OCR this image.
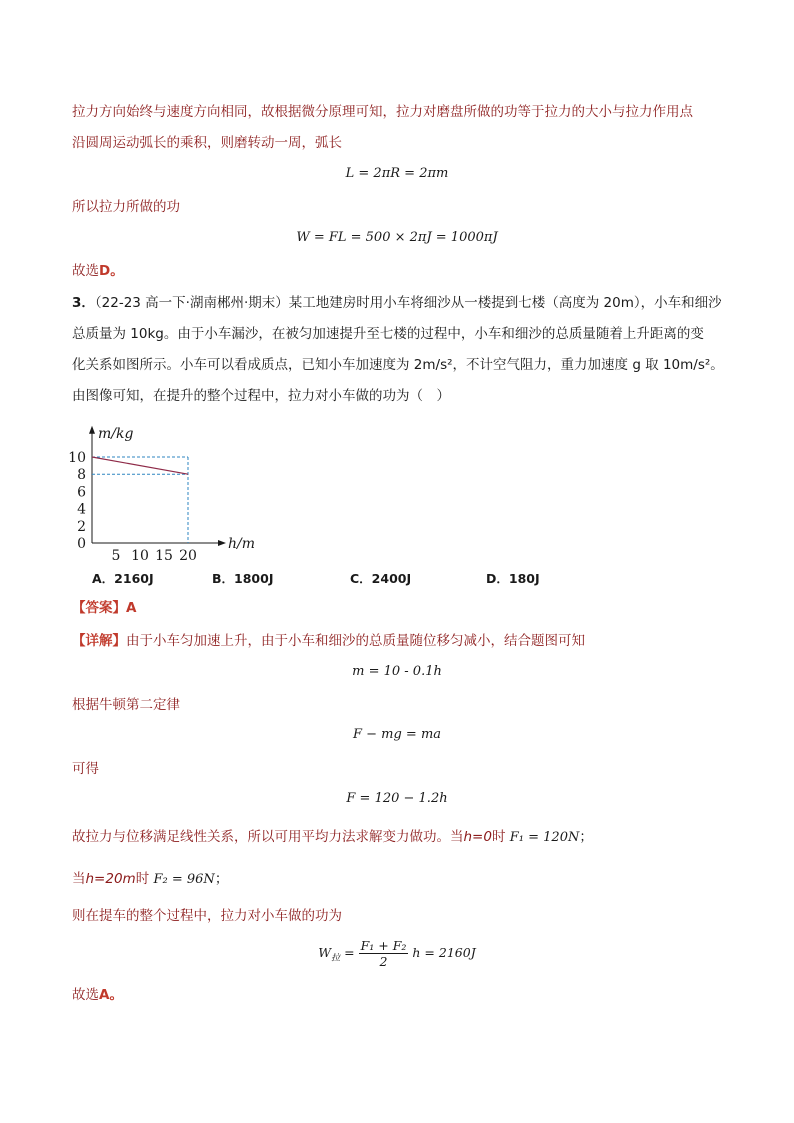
拉力方向始终与速度方向相同，故根据微分原理可知，拉力对磨盘所做的功等于拉力的大小与拉力作用点
沿圆周运动弧长的乘积，则磨转动一周，弧长
L = 2πR = 2πm
所以拉力所做的功
W = FL = 500 × 2πJ = 1000πJ
故选D。
3．（22-23 高一下·湖南郴州·期末）某工地建房时用小车将细沙从一楼提到七楼（高度为 20m），小车和细沙
总质量为 10kg。由于小车漏沙，在被匀加速提升至七楼的过程中，小车和细沙的总质量随着上升距离的变
化关系如图所示。小车可以看成质点，已知小车加速度为 2m/s²，不计空气阻力，重力加速度 g 取 10m/s²。
由图像可知，在提升的整个过程中，拉力对小车做的功为（　）
h/m
m/kg
0
2
4
6
8
10
5 10 15 20
A．2160J	B．1800J	C．2400J	D．180J
【答案】A
【详解】由于小车匀加速上升，由于小车和细沙的总质量随位移匀减小，结合题图可知
m = 10 - 0.1h
根据牛顿第二定律
F − mg = ma
可得
F = 120 − 1.2h
故拉力与位移满足线性关系，所以可用平均力法求解变力做功。当h=0时 F₁ = 120N；
当h=20m时 F₂ = 96N；
则在提车的整个过程中，拉力对小车做的功为
$W_拉 = \frac{\text{F₁ + F₂}}{2}$ h = 2160J
故选A。
